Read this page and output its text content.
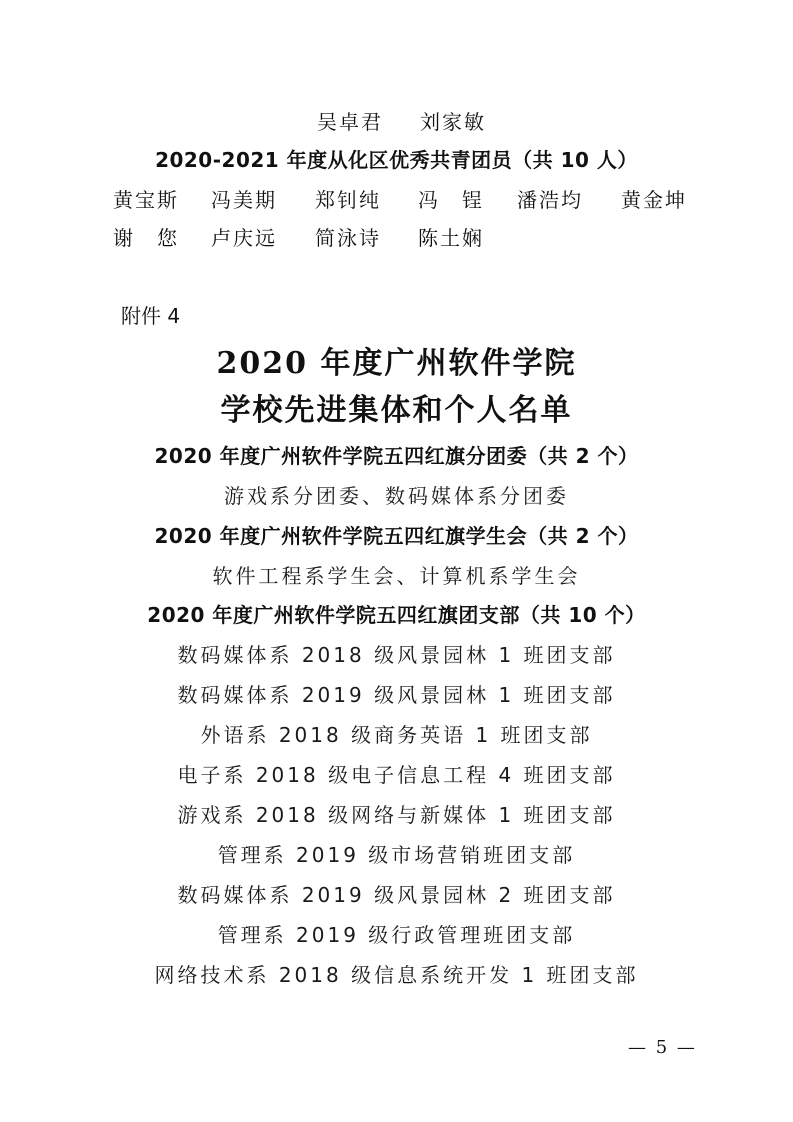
吴卓君 刘家敏
2020-2021 年度从化区优秀共青团员（共 10 人）
黄宝斯 冯美期 郑钊纯 冯　锃 潘浩均 黄金坤
谢　您 卢庆远 简泳诗 陈土娴
附件 4
2020 年度广州软件学院
学校先进集体和个人名单
2020 年度广州软件学院五四红旗分团委（共 2 个）
游戏系分团委、数码媒体系分团委
2020 年度广州软件学院五四红旗学生会（共 2 个）
软件工程系学生会、计算机系学生会
2020 年度广州软件学院五四红旗团支部（共 10 个）
数码媒体系 2018 级风景园林 1 班团支部
数码媒体系 2019 级风景园林 1 班团支部
外语系 2018 级商务英语 1 班团支部
电子系 2018 级电子信息工程 4 班团支部
游戏系 2018 级网络与新媒体 1 班团支部
管理系 2019 级市场营销班团支部
数码媒体系 2019 级风景园林 2 班团支部
管理系 2019 级行政管理班团支部
网络技术系 2018 级信息系统开发 1 班团支部
— 5 —
